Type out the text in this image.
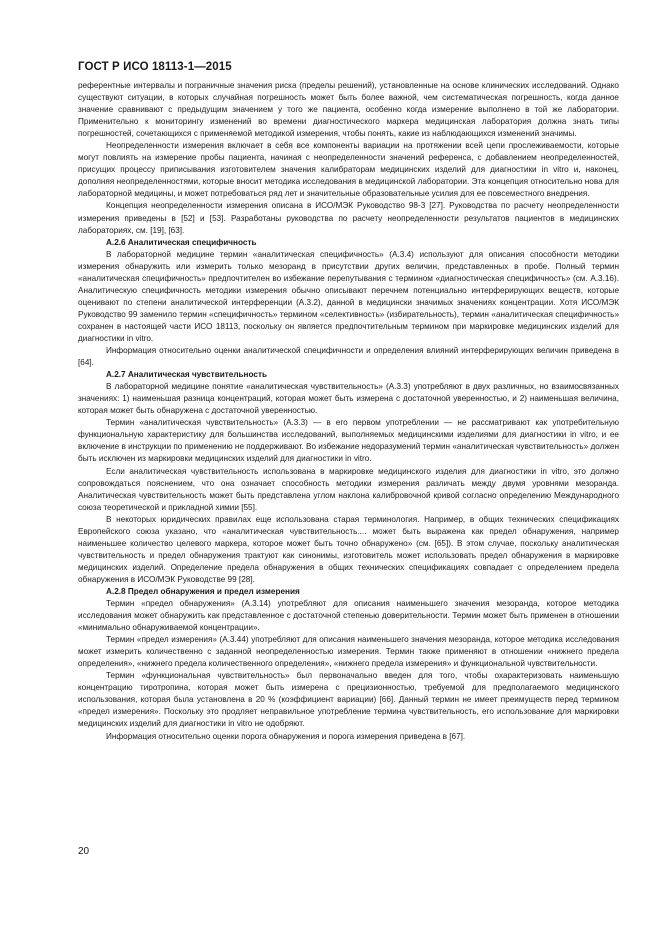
ГОСТ Р ИСО 18113-1—2015

референтные интервалы и пограничные значения риска (пределы решений), установленные на основе клинических исследований. Однако существуют ситуации, в которых случайная погрешность может быть более важной, чем систематическая погрешность, когда данное значение сравнивают с предыдущим значением у того же пациента, особенно когда измерение выполнено в той же лаборатории. Применительно к мониторингу изменений во времени диагностического маркера медицинская лаборатория должна знать типы погрешностей, сочетающихся с применяемой методикой измерения, чтобы понять, какие из наблюдающихся изменений значимы.

Неопределенности измерения включает в себя все компоненты вариации на протяжении всей цепи прослеживаемости, которые могут повлиять на измерение пробы пациента, начиная с неопределенности значений референса, с добавлением неопределенностей, присущих процессу приписывания изготовителем значения калибраторам медицинских изделий для диагностики in vitro и, наконец, дополняя неопределенностями, которые вносит методика исследования в медицинской лаборатории. Эта концепция относительно нова для лабораторной медицины, и может потребоваться ряд лет и значительные образовательные усилия для ее повсеместного внедрения.

Концепция неопределенности измерения описана в ИСО/МЭК Руководство 98-3 [27]. Руководства по расчету неопределенности измерения приведены в [52] и [53]. Разработаны руководства по расчету неопределенности результатов пациентов в медицинских лабораториях, см. [19], [63].

A.2.6 Аналитическая специфичность

В лабораторной медицине термин «аналитическая специфичность» (A.3.4) используют для описания способности методики измерения обнаружить или измерить только мезоранд в присутствии других величин, представленных в пробе. Полный термин «аналитическая специфичность» предпочтителен во избежание перепутывания с термином «диагностическая специфичность» (см. A.3.16). Аналитическую специфичность методики измерения обычно описывают перечнем потенциально интерферирующих веществ, которые оценивают по степени аналитической интерференции (A.3.2), данной в медицински значимых значениях концентрации. Хотя ИСО/МЭК Руководство 99 заменило термин «специфичность» термином «селективность» (избирательность), термин «аналитическая специфичность» сохранен в настоящей части ИСО 18113, поскольку он является предпочтительным термином при маркировке медицинских изделий для диагностики in vitro.

Информация относительно оценки аналитической специфичности и определения влияний интерферирующих величин приведена в [64].

A.2.7 Аналитическая чувствительность

В лабораторной медицине понятие «аналитическая чувствительность» (A.3.3) употребляют в двух различных, но взаимосвязанных значениях: 1) наименьшая разница концентраций, которая может быть измерена с достаточной уверенностью, и 2) наименьшая величина, которая может быть обнаружена с достаточной уверенностью.

Термин «аналитическая чувствительность» (A.3.3) — в его первом употреблении — не рассматривают как употребительную функциональную характеристику для большинства исследований, выполняемых медицинскими изделиями для диагностики in vitro, и ее включение в инструкции по применению не поддерживают. Во избежание недоразумений термин «аналитическая чувствительность» должен быть исключен из маркировки медицинских изделий для диагностики in vitro.

Если аналитическая чувствительность использована в маркировке медицинского изделия для диагностики in vitro, это должно сопровождаться пояснением, что она означает способность методики измерения различать между двумя уровнями мезоранда. Аналитическая чувствительность может быть представлена углом наклона калибровочной кривой согласно определению Международного союза теоретической и прикладной химии [55].

В некоторых юридических правилах еще использована старая терминология. Например, в общих технических спецификациях Европейского союза указано, что «аналитическая чувствительность.... может быть выражена как предел обнаружения, например наименьшее количество целевого маркера, которое может быть точно обнаружено» (см. [65]). В этом случае, поскольку аналитическая чувствительность и предел обнаружения трактуют как синонимы, изготовитель может использовать предел обнаружения в маркировке медицинских изделий. Определение предела обнаружения в общих технических спецификациях совпадает с определением предела обнаружения в ИСО/МЭК Руководстве 99 [28].

A.2.8 Предел обнаружения и предел измерения

Термин «предел обнаружения» (A.3.14) употребляют для описания наименьшего значения мезоранда, которое методика исследования может обнаружить как представленное с достаточной степенью доверительности. Термин может быть применен в отношении «минимально обнаруживаемой концентрации».

Термин «предел измерения» (A.3.44) употребляют для описания наименьшего значения мезоранда, которое методика исследования может измерить количественно с заданной неопределенностью измерения. Термин также применяют в отношении «нижнего предела определения», «нижнего предела количественного определения», «нижнего предела измерения» и функциональной чувствительности.

Термин «функциональная чувствительность» был первоначально введен для того, чтобы охарактеризовать наименьшую концентрацию тиротропина, которая может быть измерена с прецизионностью, требуемой для предполагаемого медицинского использования, которая была установлена в 20 % (коэффициент вариации) [66]. Данный термин не имеет преимуществ перед термином «предел измерения». Поскольку это продляет неправильное употребление термина чувствительность, его использование для маркировки медицинских изделий для диагностики in vitro не одобряют.

Информация относительно оценки порога обнаружения и порога измерения приведена в [67].

20
